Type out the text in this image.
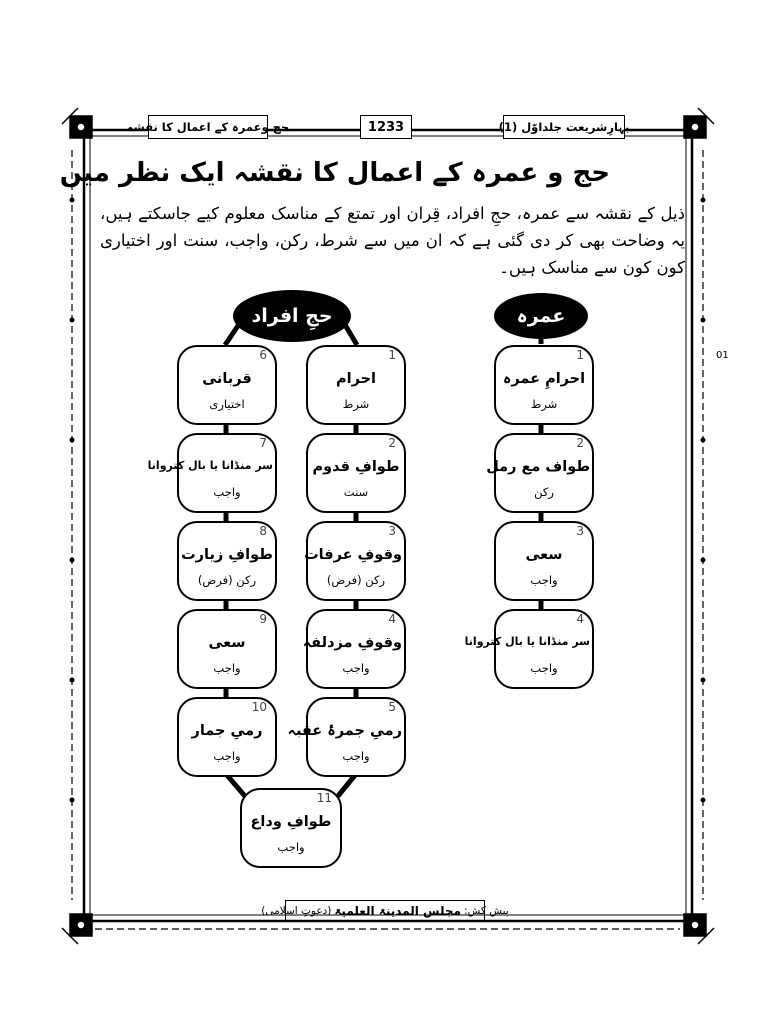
حج وعمرہ کے اعمال کا نقشہ	1233	بہارِشریعت جلداوّل (1)
حج و عمرہ کے اعمال کا نقشہ ایک نظر میں
ذیل کے نقشہ سے عمرہ، حجِ افراد، قِران اور تمتع کے مناسک معلوم کیے جاسکتے ہیں، یہ وضاحت بھی کر دی گئی ہے کہ ان میں سے شرط، رکن، واجب، سنت اور اختیاری کون کون سے مناسک ہیں۔
حجِ افراد	عمرہ
1
احرام
شرط
2
طوافِ قدوم
سنت
3
وقوفِ عرفات
رکن (فرض)
4
وقوفِ مزدلفہ
واجب
5
رمیِ جمرۂ عقبہ
واجب
6
قربانی
اختیاری
7
سر منڈانا یا بال کتروانا
واجب
8
طوافِ زیارت
رکن (فرض)
9
سعی
واجب
10
رمیِ جمار
واجب
11
طوافِ وداع
واجب
1
احرامِ عمرہ
شرط
2
طواف مع رمل
رکن
3
سعی
واجب
4
سر منڈانا یا بال کتروانا
واجب
01
پیش کش:
مجلس المدینۃ العلمیۃ
(دعوتِ اسلامی)
